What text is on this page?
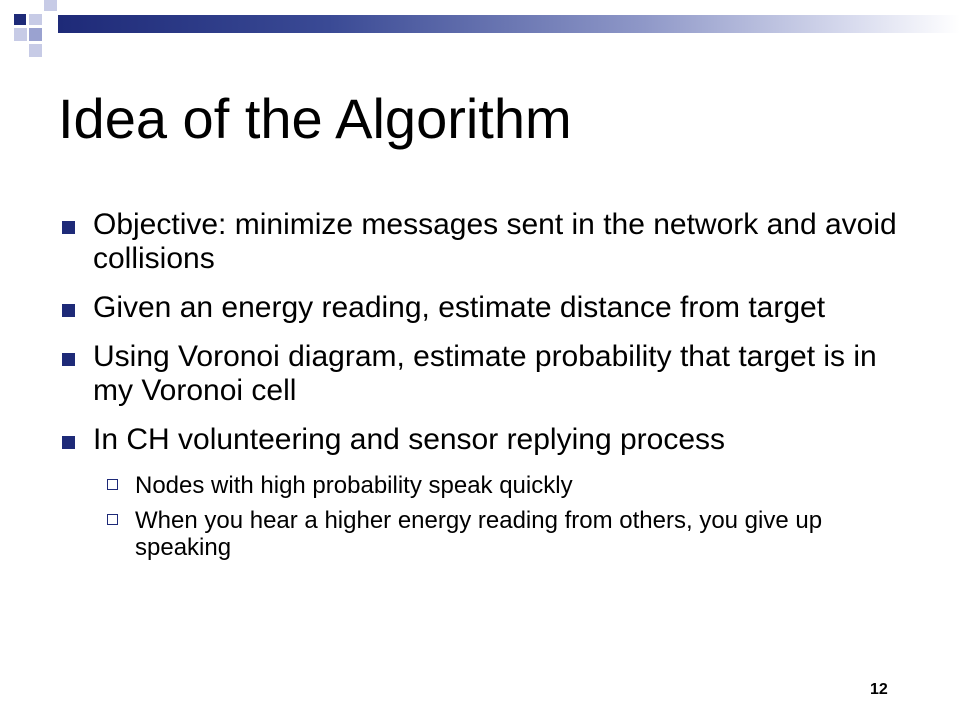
Idea of the Algorithm
Objective: minimize messages sent in the network and avoid collisions
Given an energy reading, estimate distance from target
Using Voronoi diagram, estimate probability that target is in my Voronoi cell
In CH volunteering and sensor replying process
Nodes with high probability speak quickly
When you hear a higher energy reading from others, you give up speaking
12
